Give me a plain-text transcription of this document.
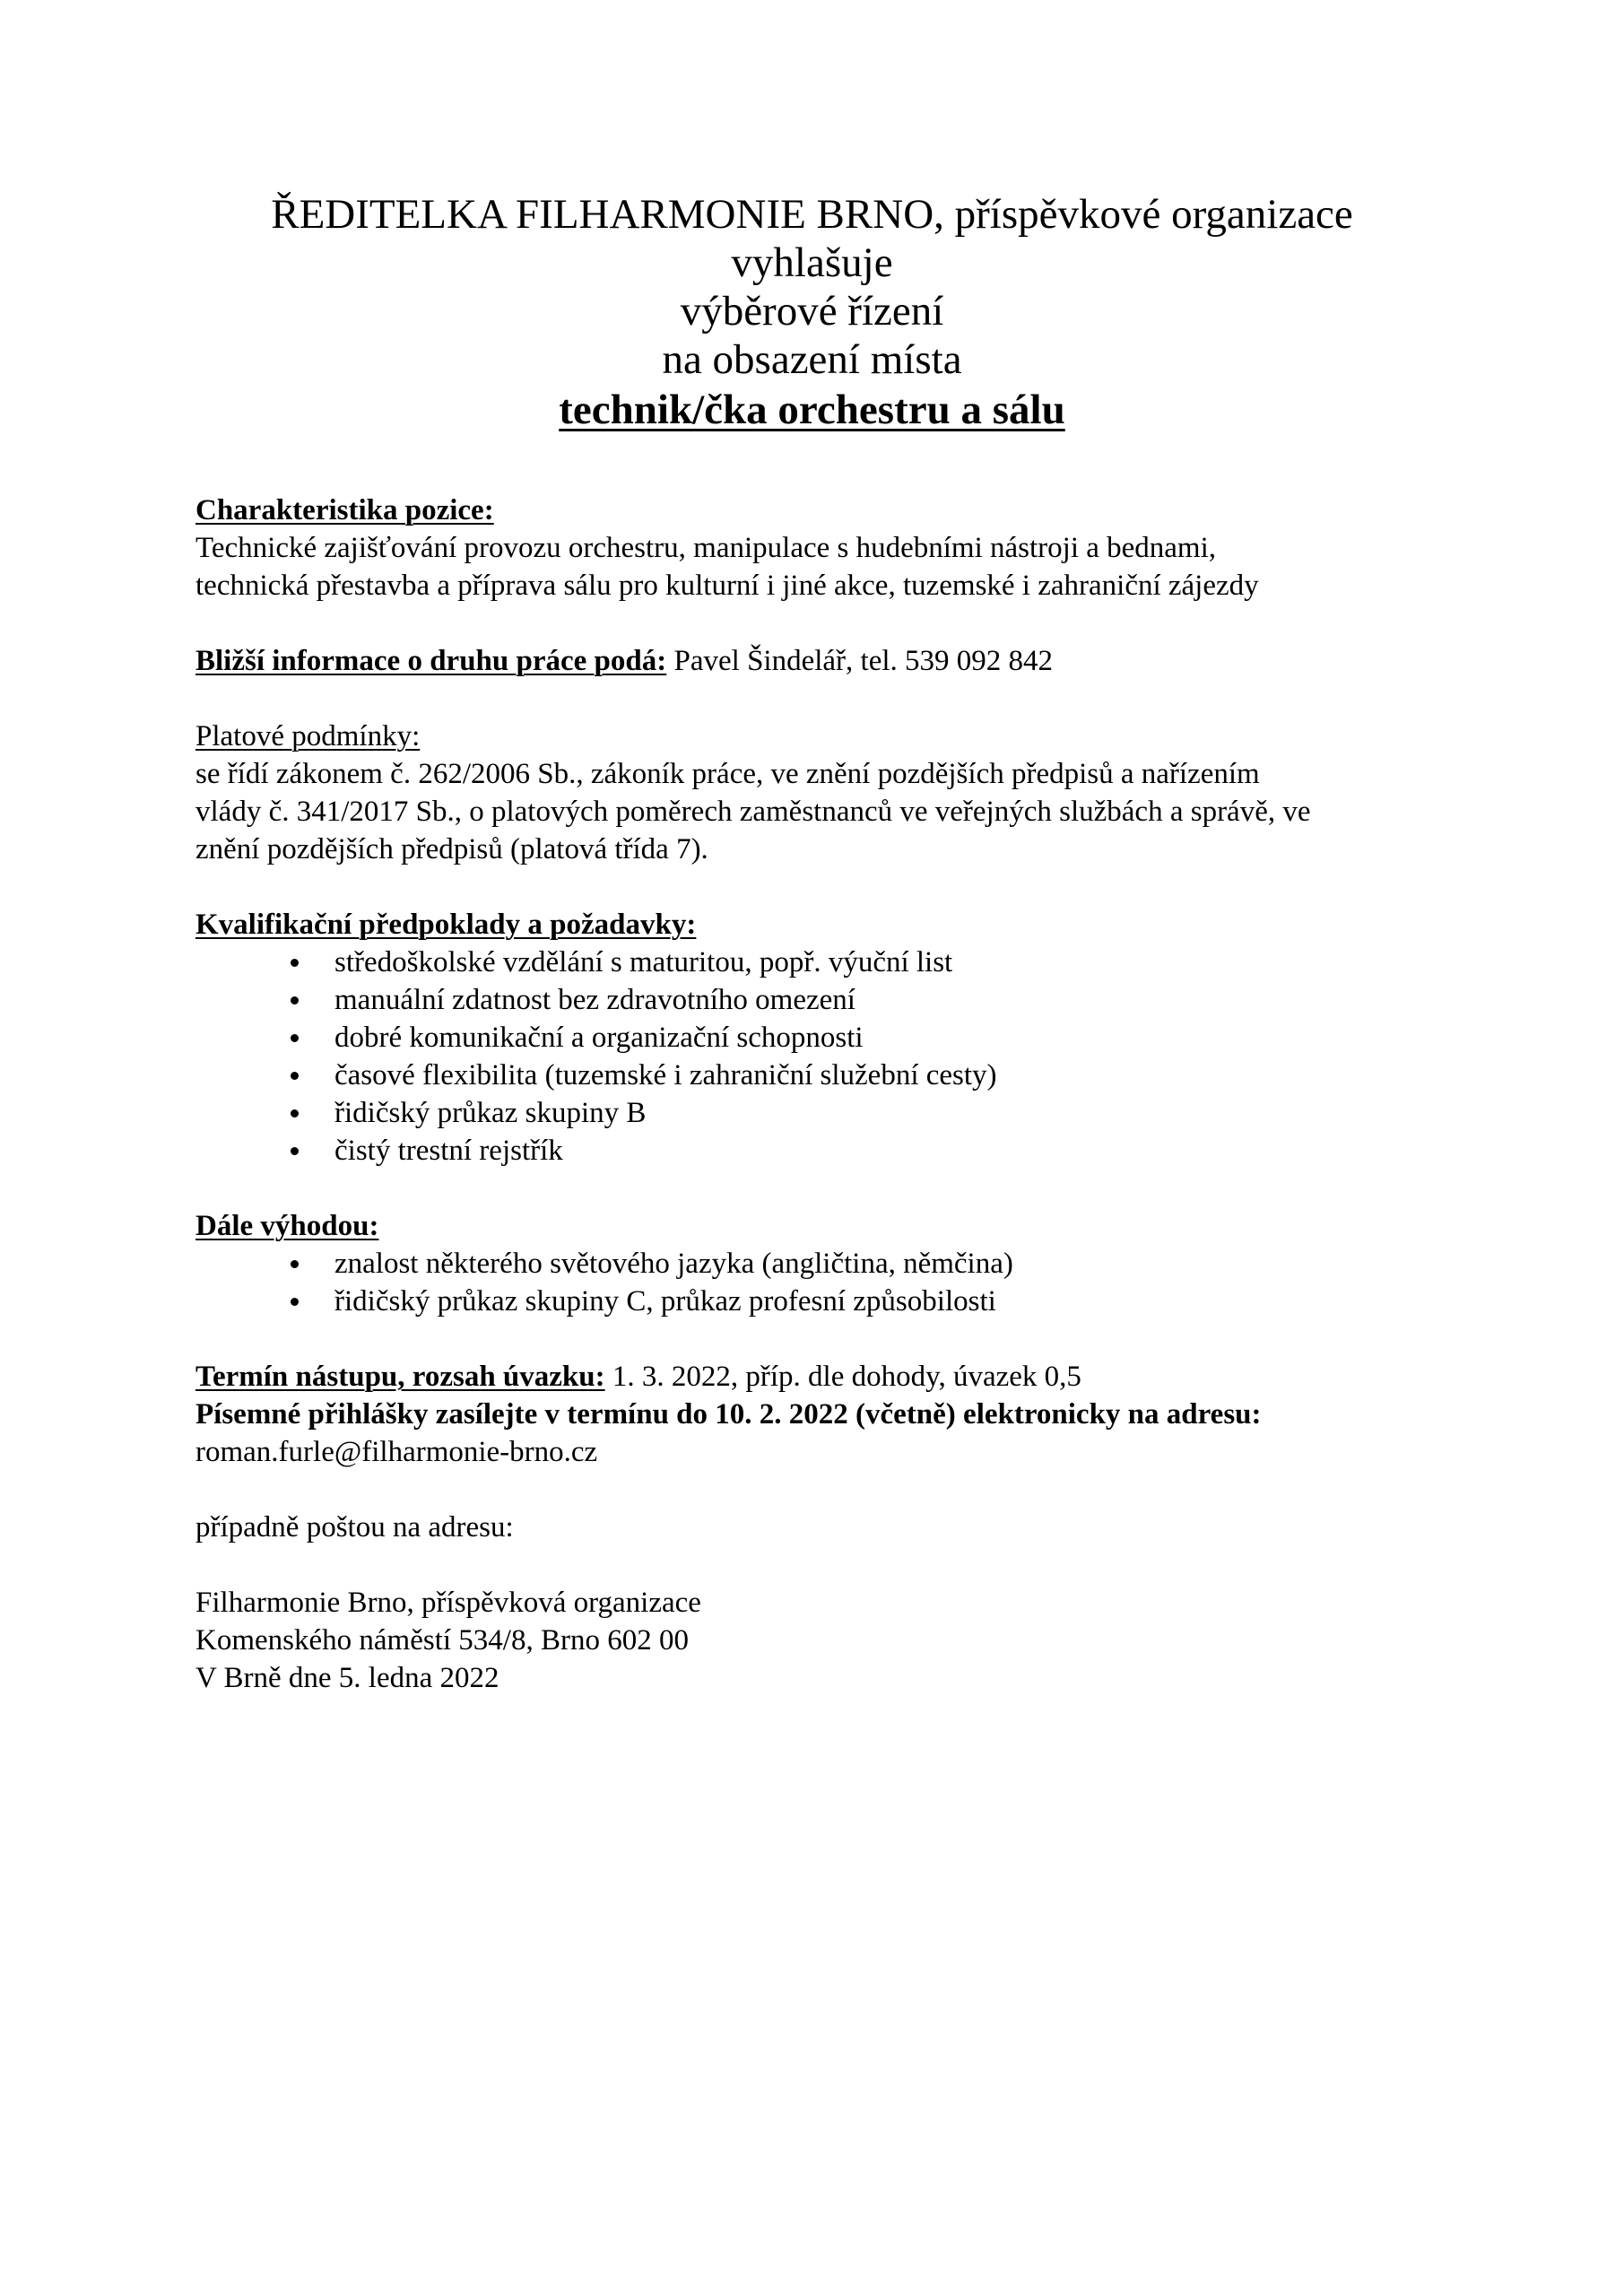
ŘEDITELKA FILHARMONIE BRNO, příspěvkové organizace
vyhlašuje
výběrové řízení
na obsazení místa
technik/čka orchestru a sálu

Charakteristika pozice:

Technické zajišťování provozu orchestru, manipulace s hudebními nástroji a bednami,

technická přestavba a příprava sálu pro kulturní i jiné akce, tuzemské i zahraniční zájezdy

Bližší informace o druhu práce podá: Pavel Šindelář, tel. 539 092 842

Platové podmínky:

se řídí zákonem č. 262/2006 Sb., zákoník práce, ve znění pozdějších předpisů a nařízením

vlády č. 341/2017 Sb., o platových poměrech zaměstnanců ve veřejných službách a správě, ve

znění pozdějších předpisů (platová třída 7).

Kvalifikační předpoklady a požadavky:

středoškolské vzdělání s maturitou, popř. výuční list
manuální zdatnost bez zdravotního omezení
dobré komunikační a organizační schopnosti
časové flexibilita (tuzemské i zahraniční služební cesty)
řidičský průkaz skupiny B
čistý trestní rejstřík

Dále výhodou:

znalost některého světového jazyka (angličtina, němčina)
řidičský průkaz skupiny C, průkaz profesní způsobilosti

Termín nástupu, rozsah úvazku: 1. 3. 2022, příp. dle dohody, úvazek 0,5

Písemné přihlášky zasílejte v termínu do 10. 2. 2022 (včetně) elektronicky na adresu:

roman.furle@filharmonie-brno.cz

případně poštou na adresu:

Filharmonie Brno, příspěvková organizace

Komenského náměstí 534/8, Brno 602 00

V Brně dne 5. ledna 2022
